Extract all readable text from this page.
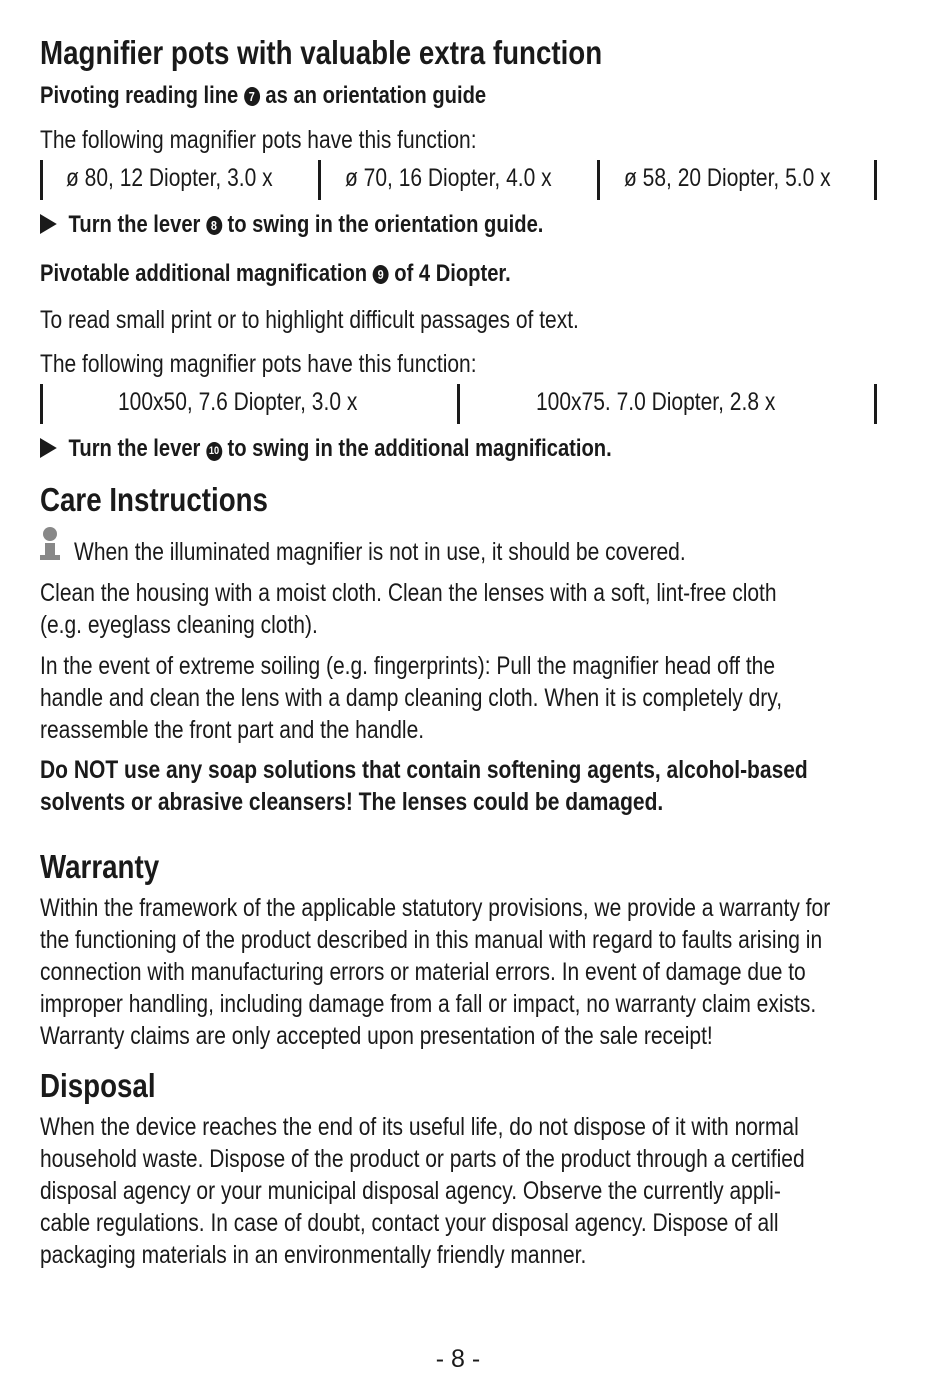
Magnifier pots with valuable extra function
Pivoting reading line 7 as an orientation guide
The following magnifier pots have this function:
ø 80, 12 Diopter, 3.0 x	ø 70, 16 Diopter, 4.0 x	ø 58, 20 Diopter, 5.0 x
Turn the lever 8 to swing in the orientation guide.
Pivotable additional magnification 9 of 4 Diopter.
To read small print or to highlight difficult passages of text.
The following magnifier pots have this function:
100x50, 7.6 Diopter, 3.0 x	100x75. 7.0 Diopter, 2.8 x
Turn the lever 10 to swing in the additional magnification.
Care Instructions
When the illuminated magnifier is not in use, it should be covered.
Clean the housing with a moist cloth. Clean the lenses with a soft, lint-free cloth
(e.g. eyeglass cleaning cloth).
In the event of extreme soiling (e.g. fingerprints): Pull the magnifier head off the
handle and clean the lens with a damp cleaning cloth. When it is completely dry,
reassemble the front part and the handle.
Do NOT use any soap solutions that contain softening agents, alcohol-based
solvents or abrasive cleansers! The lenses could be damaged.
Warranty
Within the framework of the applicable statutory provisions, we provide a warranty for
the functioning of the product described in this manual with regard to faults arising in
connection with manufacturing errors or material errors. In event of damage due to
improper handling, including damage from a fall or impact, no warranty claim exists.
Warranty claims are only accepted upon presentation of the sale receipt!
Disposal
When the device reaches the end of its useful life, do not dispose of it with normal
household waste. Dispose of the product or parts of the product through a certified
disposal agency or your municipal disposal agency. Observe the currently appli-
cable regulations. In case of doubt, contact your disposal agency. Dispose of all
packaging materials in an environmentally friendly manner.
- 8 -
